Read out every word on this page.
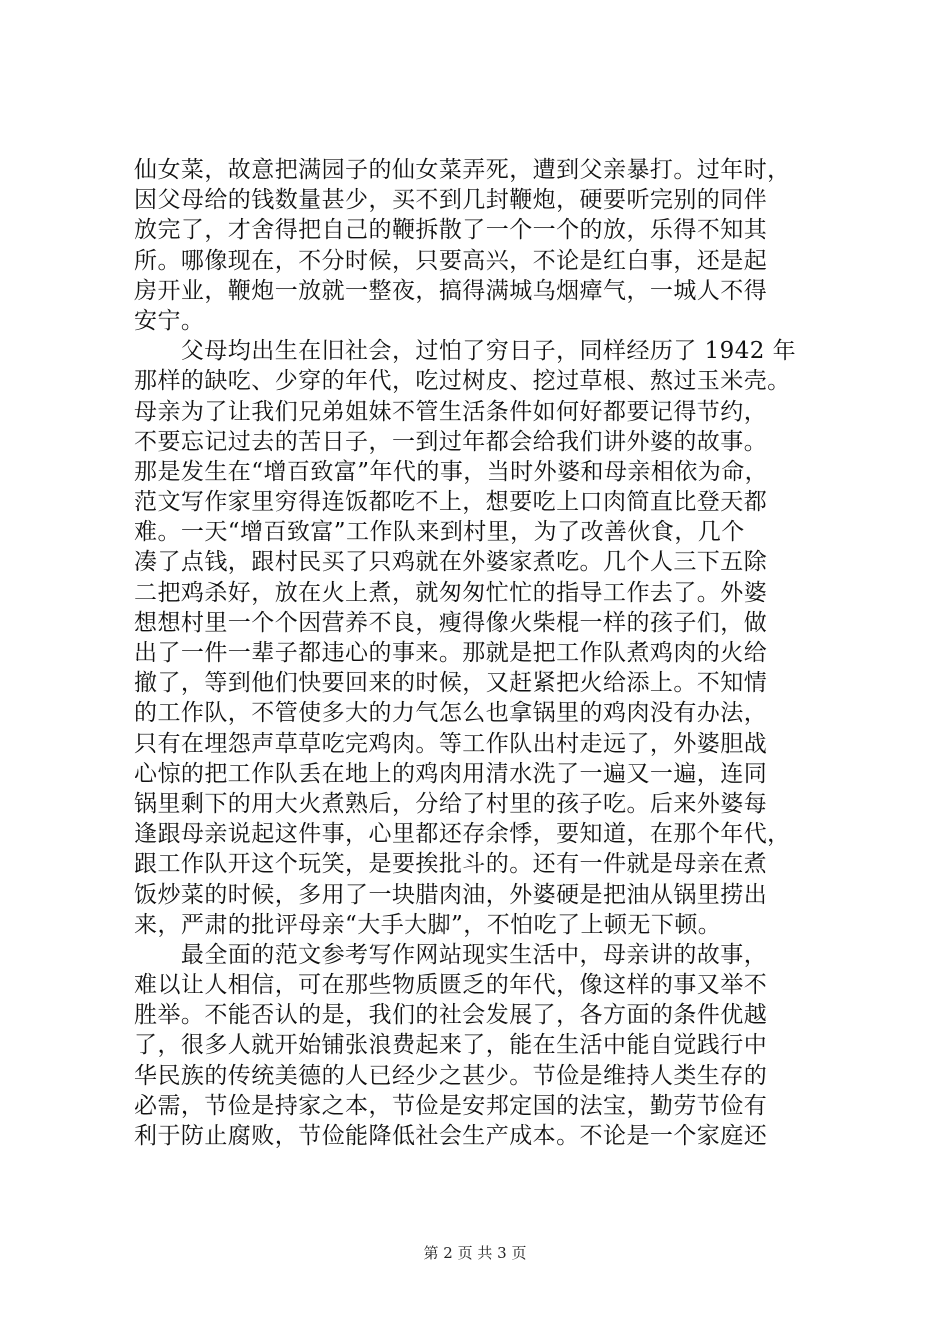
仙女菜，故意把满园子的仙女菜弄死，遭到父亲暴打。过年时，
因父母给的钱数量甚少，买不到几封鞭炮，硬要听完别的同伴
放完了，才舍得把自己的鞭拆散了一个一个的放，乐得不知其
所。哪像现在，不分时候，只要高兴，不论是红白事，还是起
房开业，鞭炮一放就一整夜，搞得满城乌烟瘴气，一城人不得
安宁。
　　父母均出生在旧社会，过怕了穷日子，同样经历了 1942 年
那样的缺吃、少穿的年代，吃过树皮、挖过草根、熬过玉米壳。
母亲为了让我们兄弟姐妹不管生活条件如何好都要记得节约，
不要忘记过去的苦日子，一到过年都会给我们讲外婆的故事。
那是发生在“增百致富”年代的事，当时外婆和母亲相依为命，
范文写作家里穷得连饭都吃不上，想要吃上口肉简直比登天都
难。一天“增百致富”工作队来到村里，为了改善伙食，几个
凑了点钱，跟村民买了只鸡就在外婆家煮吃。几个人三下五除
二把鸡杀好，放在火上煮，就匆匆忙忙的指导工作去了。外婆
想想村里一个个因营养不良，瘦得像火柴棍一样的孩子们，做
出了一件一辈子都违心的事来。那就是把工作队煮鸡肉的火给
撤了，等到他们快要回来的时候，又赶紧把火给添上。不知情
的工作队，不管使多大的力气怎么也拿锅里的鸡肉没有办法，
只有在埋怨声草草吃完鸡肉。等工作队出村走远了，外婆胆战
心惊的把工作队丢在地上的鸡肉用清水洗了一遍又一遍，连同
锅里剩下的用大火煮熟后，分给了村里的孩子吃。后来外婆每
逢跟母亲说起这件事，心里都还存余悸，要知道，在那个年代，
跟工作队开这个玩笑，是要挨批斗的。还有一件就是母亲在煮
饭炒菜的时候，多用了一块腊肉油，外婆硬是把油从锅里捞出
来，严肃的批评母亲“大手大脚”，不怕吃了上顿无下顿。
　　最全面的范文参考写作网站现实生活中，母亲讲的故事，
难以让人相信，可在那些物质匮乏的年代，像这样的事又举不
胜举。不能否认的是，我们的社会发展了，各方面的条件优越
了，很多人就开始铺张浪费起来了，能在生活中能自觉践行中
华民族的传统美德的人已经少之甚少。节俭是维持人类生存的
必需，节俭是持家之本，节俭是安邦定国的法宝，勤劳节俭有
利于防止腐败，节俭能降低社会生产成本。不论是一个家庭还
第 2 页 共 3 页
